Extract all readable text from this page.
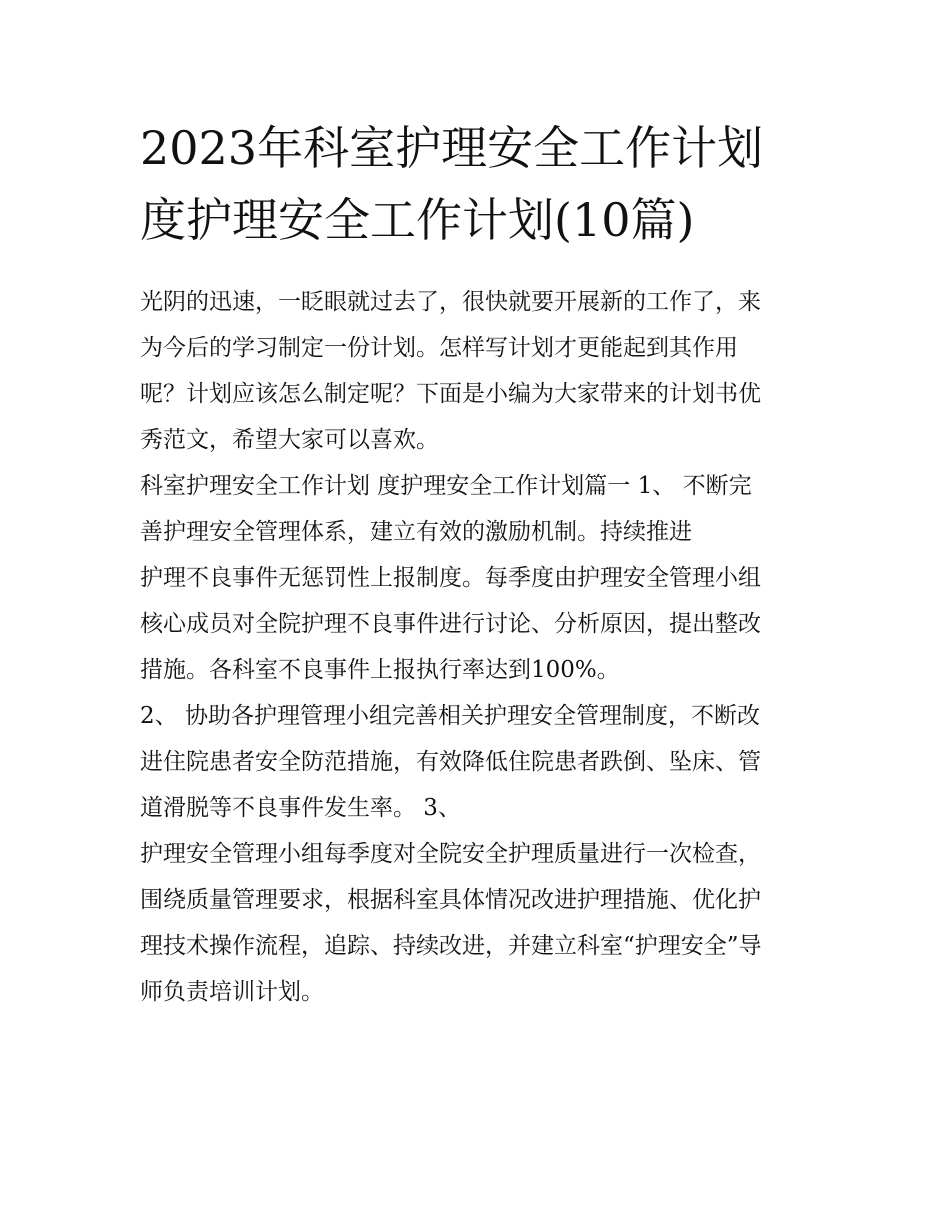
2023年科室护理安全工作计划
度护理安全工作计划(10篇)
光阴的迅速，一眨眼就过去了，很快就要开展新的工作了，来
为今后的学习制定一份计划。怎样写计划才更能起到其作用
呢？计划应该怎么制定呢？下面是小编为大家带来的计划书优
秀范文，希望大家可以喜欢。
科室护理安全工作计划 度护理安全工作计划篇一 1、 不断完
善护理安全管理体系，建立有效的激励机制。持续推进
护理不良事件无惩罚性上报制度。每季度由护理安全管理小组
核心成员对全院护理不良事件进行讨论、分析原因，提出整改
措施。各科室不良事件上报执行率达到100%。
2、 协助各护理管理小组完善相关护理安全管理制度，不断改
进住院患者安全防范措施，有效降低住院患者跌倒、坠床、管
道滑脱等不良事件发生率。 3、
护理安全管理小组每季度对全院安全护理质量进行一次检查，
围绕质量管理要求，根据科室具体情况改进护理措施、优化护
理技术操作流程，追踪、持续改进，并建立科室“护理安全”导
师负责培训计划。
